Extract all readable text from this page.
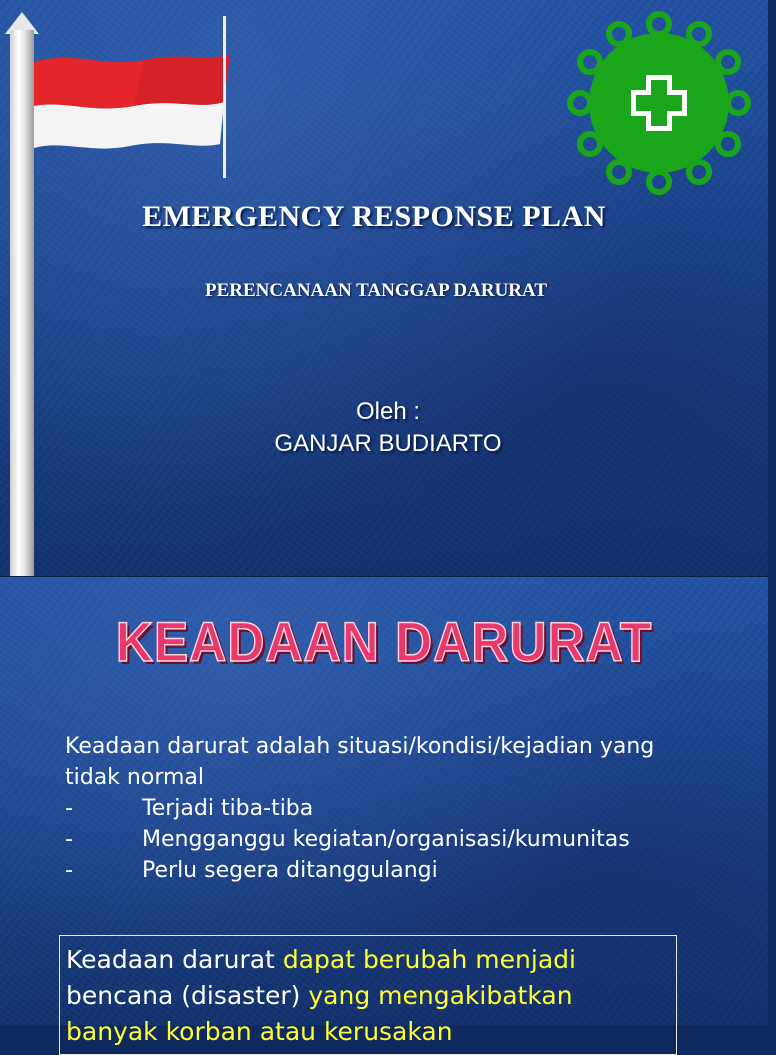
EMERGENCY RESPONSE PLAN
PERENCANAAN TANGGAP DARURAT
Oleh :
GANJAR BUDIARTO
KEADAAN DARURAT
Keadaan darurat adalah situasi/kondisi/kejadian yang
tidak normal
-	Terjadi tiba-tiba
-	Mengganggu kegiatan/organisasi/kumunitas
-	Perlu segera ditanggulangi
Keadaan darurat dapat berubah menjadi
bencana (disaster) yang mengakibatkan
banyak korban atau kerusakan
